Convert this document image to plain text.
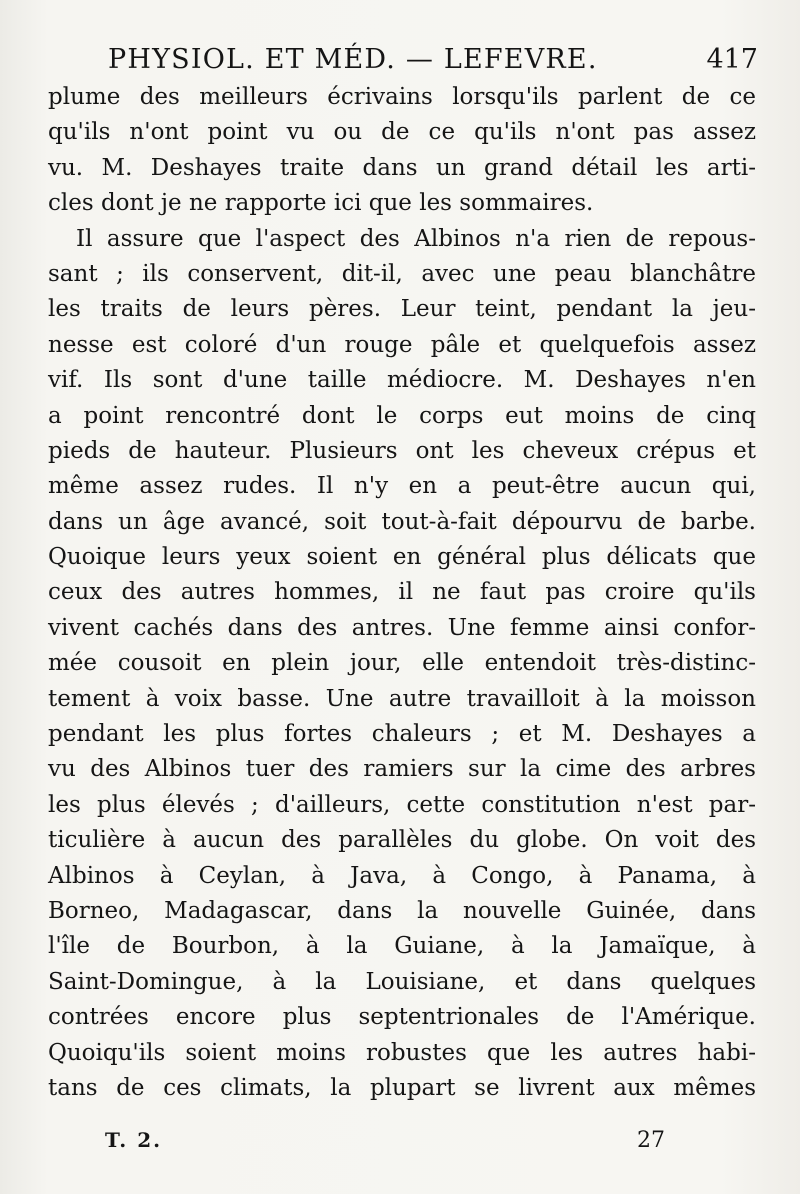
PHYSIOL. ET MÉD. — LEFEVRE.	417
plume des meilleurs écrivains lorsqu'ils parlent de ce
qu'ils n'ont point vu ou de ce qu'ils n'ont pas assez
vu. M. Deshayes traite dans un grand détail les arti-
cles dont je ne rapporte ici que les sommaires.
Il assure que l'aspect des Albinos n'a rien de repous-
sant ; ils conservent, dit-il, avec une peau blanchâtre
les traits de leurs pères. Leur teint, pendant la jeu-
nesse est coloré d'un rouge pâle et quelquefois assez
vif. Ils sont d'une taille médiocre. M. Deshayes n'en
a point rencontré dont le corps eut moins de cinq
pieds de hauteur. Plusieurs ont les cheveux crépus et
même assez rudes. Il n'y en a peut-être aucun qui,
dans un âge avancé, soit tout-à-fait dépourvu de barbe.
Quoique leurs yeux soient en général plus délicats que
ceux des autres hommes, il ne faut pas croire qu'ils
vivent cachés dans des antres. Une femme ainsi confor-
mée cousoit en plein jour, elle entendoit très-distinc-
tement à voix basse. Une autre travailloit à la moisson
pendant les plus fortes chaleurs ; et M. Deshayes a
vu des Albinos tuer des ramiers sur la cime des arbres
les plus élevés ; d'ailleurs, cette constitution n'est par-
ticulière à aucun des parallèles du globe. On voit des
Albinos à Ceylan, à Java, à Congo, à Panama, à
Borneo, Madagascar, dans la nouvelle Guinée, dans
l'île de Bourbon, à la Guiane, à la Jamaïque, à
Saint-Domingue, à la Louisiane, et dans quelques
contrées encore plus septentrionales de l'Amérique.
Quoiqu'ils soient moins robustes que les autres habi-
tans de ces climats, la plupart se livrent aux mêmes
T. 2.	27
